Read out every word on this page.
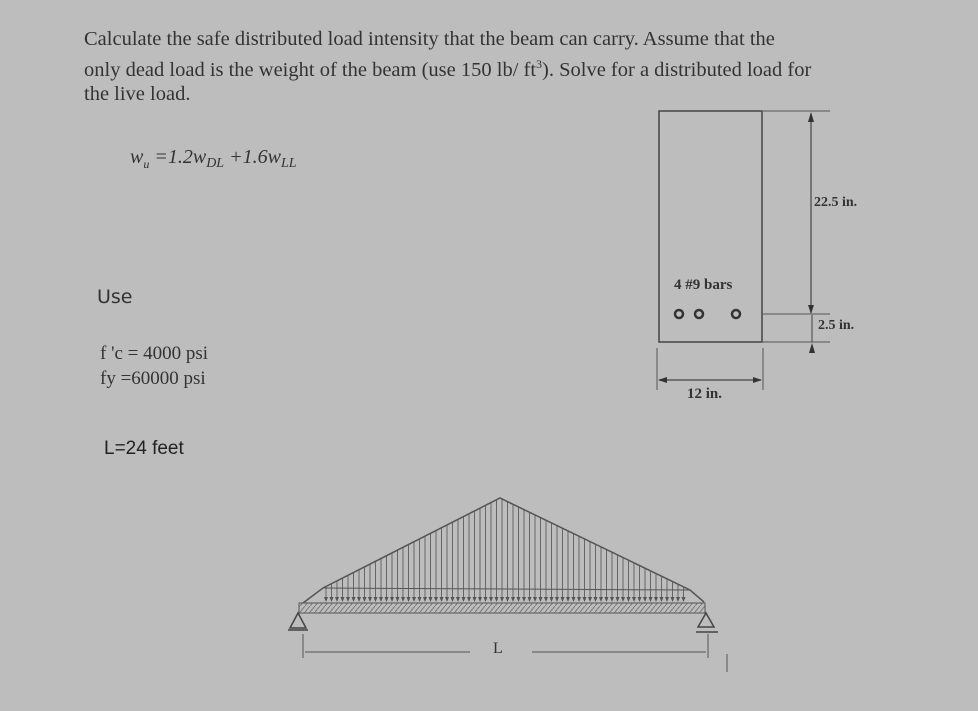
Calculate the safe distributed load intensity that the beam can carry. Assume that the
only dead load is the weight of the beam (use 150 lb/ $ft^3$). Solve for a distributed load for
the live load.
$w_u =1.2w_{DL} +1.6w_{LL}$
Use
f 'c = 4000 psi
fy =60000 psi
L=24 feet
4 #9 bars
22.5 in.
2.5 in.
12 in.
L
